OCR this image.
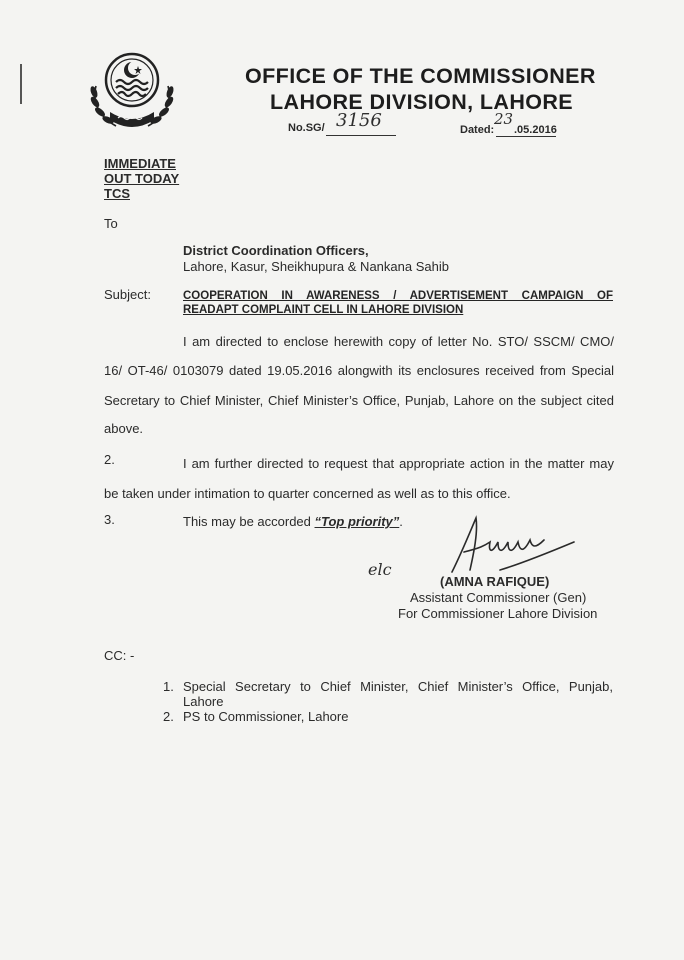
OFFICE OF THE COMMISSIONER
LAHORE DIVISION, LAHORE
No.SG/ 3156	Dated:
23
.05.2016
IMMEDIATE
OUT TODAY
TCS
To
District Coordination Officers,
Lahore, Kasur, Sheikhupura & Nankana Sahib
Subject:	COOPERATION IN AWARENESS / ADVERTISEMENT CAMPAIGN OF
READAPT COMPLAINT CELL IN LAHORE DIVISION
I am directed to enclose herewith copy of letter No. STO/ SSCM/ CMO/
16/ OT-46/ 0103079 dated 19.05.2016 alongwith its enclosures received from Special
Secretary to Chief Minister, Chief Minister’s Office, Punjab, Lahore on the subject cited
above.
2.	I am further directed to request that appropriate action in the matter may
be taken under intimation to quarter concerned as well as to this office.
3.	This may be accorded “Top priority”.
elc
(AMNA RAFIQUE)
Assistant Commissioner (Gen)
For Commissioner Lahore Division
CC: -
1. Special Secretary to Chief Minister, Chief Minister’s Office, Punjab,
Lahore
2. PS to Commissioner, Lahore
